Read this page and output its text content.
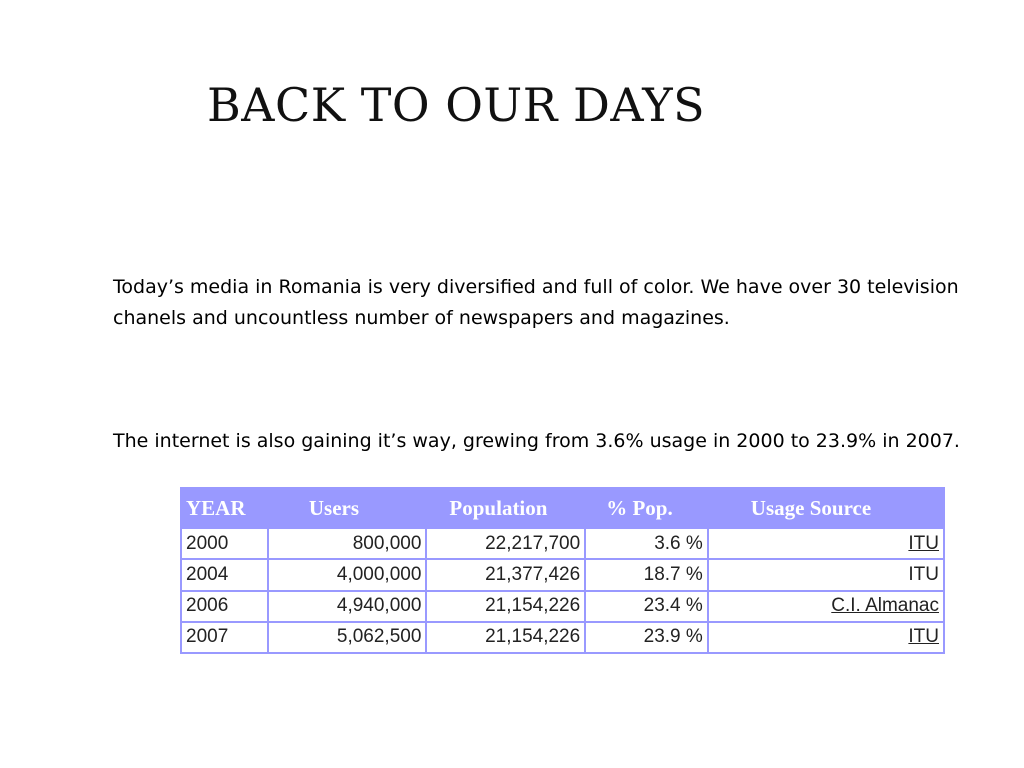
BACK TO OUR DAYS

Today’s media in Romania is very diversified and full of color. We have over 30 television chanels and uncountless number of newspapers and magazines.

The internet is also gaining it’s way, grewing from 3.6% usage in 2000 to 23.9% in 2007.

YEAR	Users	Population	% Pop.	Usage Source
2000	800,000	22,217,700	3.6 %	ITU
2004	4,000,000	21,377,426	18.7 %	ITU
2006	4,940,000	21,154,226	23.4 %	C.I. Almanac
2007	5,062,500	21,154,226	23.9 %	ITU
